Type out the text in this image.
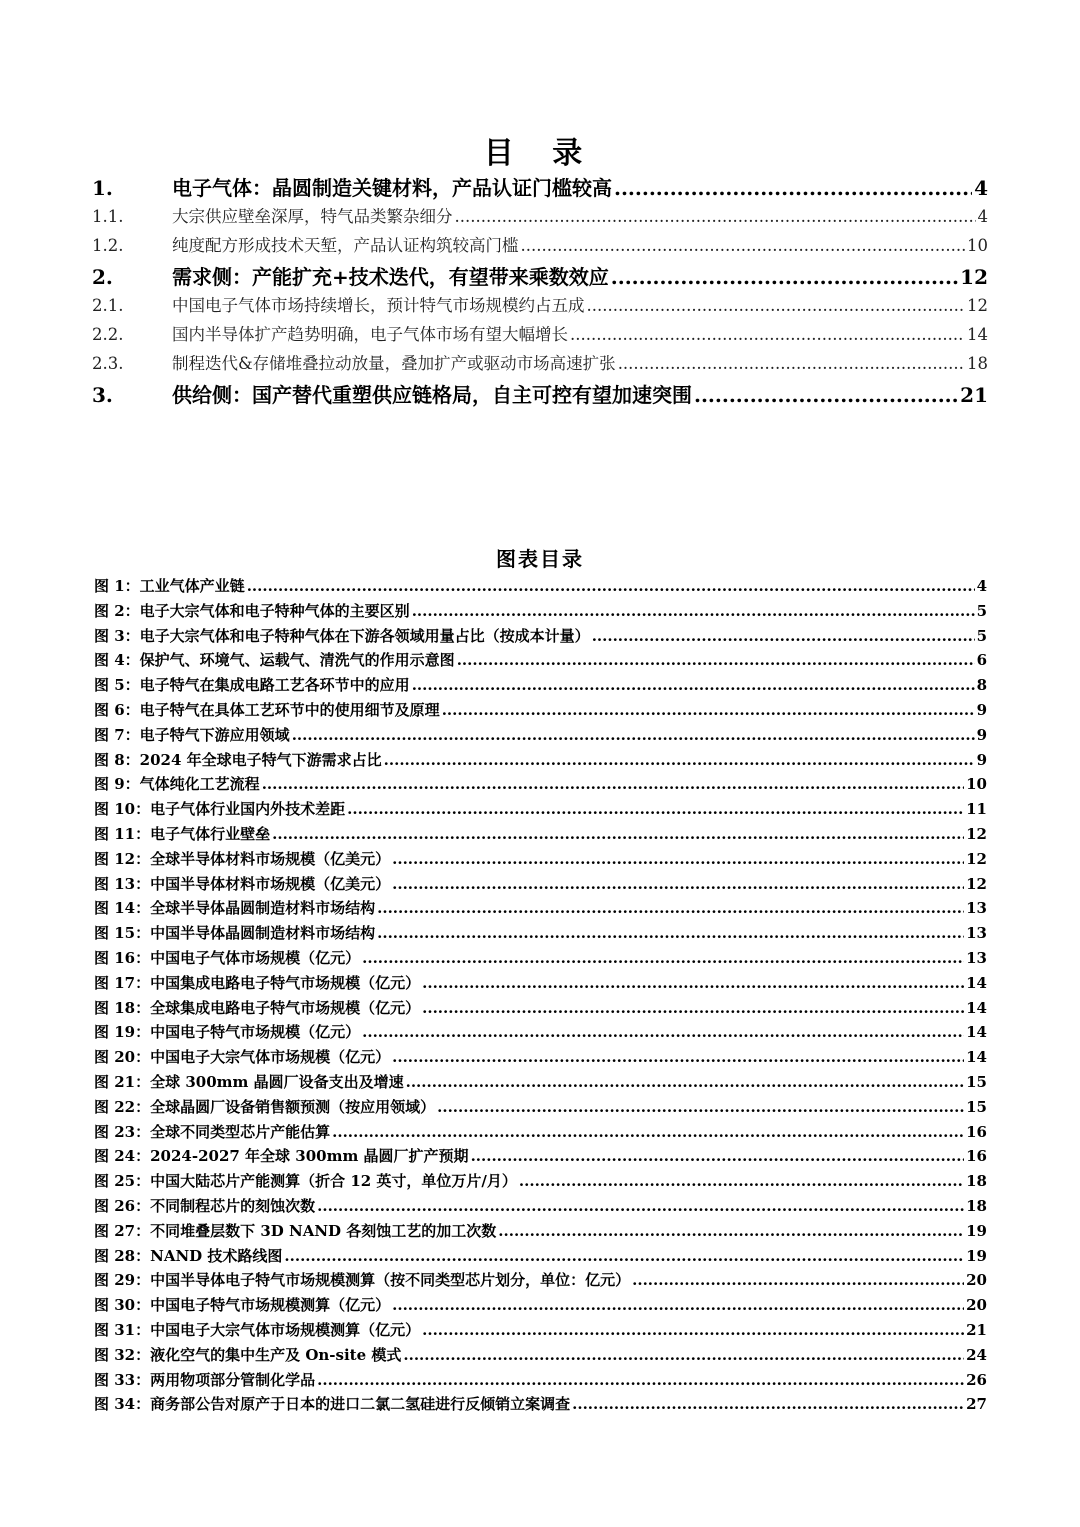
目 录
1.	电子气体：晶圆制造关键材料，产品认证门槛较高 .....	4
1.1.	大宗供应壁垒深厚，特气品类繁杂细分 .....	4
1.2.	纯度配方形成技术天堑，产品认证构筑较高门槛 .....	10
2.	需求侧：产能扩充+技术迭代，有望带来乘数效应 .....	12
2.1.	中国电子气体市场持续增长，预计特气市场规模约占五成 .....	12
2.2.	国内半导体扩产趋势明确，电子气体市场有望大幅增长 .....	14
2.3.	制程迭代&存储堆叠拉动放量，叠加扩产或驱动市场高速扩张 .....	18
3.	供给侧：国产替代重塑供应链格局，自主可控有望加速突围 .....	21
图表目录
图 1： 工业气体产业链 .....	4
图 2： 电子大宗气体和电子特种气体的主要区别 .....	5
图 3： 电子大宗气体和电子特种气体在下游各领域用量占比（按成本计量） .....	5
图 4： 保护气、环境气、运载气、清洗气的作用示意图 .....	6
图 5： 电子特气在集成电路工艺各环节中的应用 .....	8
图 6： 电子特气在具体工艺环节中的使用细节及原理 .....	9
图 7： 电子特气下游应用领域 .....	9
图 8： 2024 年全球电子特气下游需求占比 .....	9
图 9： 气体纯化工艺流程 .....	10
图 10： 电子气体行业国内外技术差距 .....	11
图 11： 电子气体行业壁垒 .....	12
图 12： 全球半导体材料市场规模（亿美元） .....	12
图 13： 中国半导体材料市场规模（亿美元） .....	12
图 14： 全球半导体晶圆制造材料市场结构 .....	13
图 15： 中国半导体晶圆制造材料市场结构 .....	13
图 16： 中国电子气体市场规模（亿元） .....	13
图 17： 中国集成电路电子特气市场规模（亿元） .....	14
图 18： 全球集成电路电子特气市场规模（亿元） .....	14
图 19： 中国电子特气市场规模（亿元） .....	14
图 20： 中国电子大宗气体市场规模（亿元） .....	14
图 21： 全球 300mm 晶圆厂设备支出及增速 .....	15
图 22： 全球晶圆厂设备销售额预测（按应用领域） .....	15
图 23： 全球不同类型芯片产能估算 .....	16
图 24： 2024-2027 年全球 300mm 晶圆厂扩产预期 .....	16
图 25： 中国大陆芯片产能测算（折合 12 英寸，单位万片/月） .....	18
图 26： 不同制程芯片的刻蚀次数 .....	18
图 27： 不同堆叠层数下 3D NAND 各刻蚀工艺的加工次数 .....	19
图 28： NAND 技术路线图 .....	19
图 29： 中国半导体电子特气市场规模测算（按不同类型芯片划分，单位：亿元） .....	20
图 30： 中国电子特气市场规模测算（亿元） .....	20
图 31： 中国电子大宗气体市场规模测算（亿元） .....	21
图 32： 液化空气的集中生产及 On-site 模式 .....	24
图 33： 两用物项部分管制化学品 .....	26
图 34： 商务部公告对原产于日本的进口二氯二氢硅进行反倾销立案调查 .....	27
